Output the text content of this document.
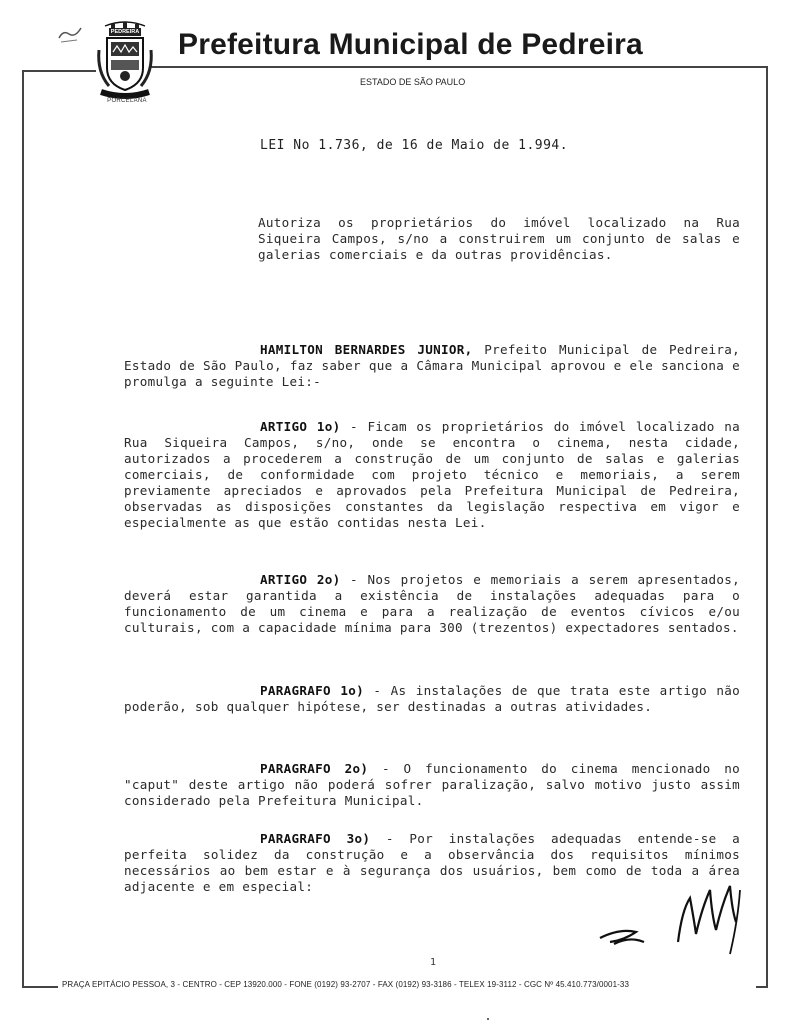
PEDREIRA
PORCELANA
Prefeitura Municipal de Pedreira
ESTADO DE SÃO PAULO
LEI No 1.736, de 16 de Maio de 1.994.

Autoriza os proprietários do imóvel localizado na Rua Siqueira Campos, s/no a construirem um conjunto de salas e galerias comerciais e da outras providências.

HAMILTON BERNARDES JUNIOR, Prefeito Municipal de Pedreira, Estado de São Paulo, faz saber que a Câmara Municipal aprovou e ele sanciona e promulga a seguinte Lei:-

ARTIGO 1o) - Ficam os proprietários do imóvel localizado na Rua Siqueira Campos, s/no, onde se encontra o cinema, nesta cidade, autorizados a procederem a construção de um conjunto de salas e galerias comerciais, de conformidade com projeto técnico e memoriais, a serem previamente apreciados e aprovados pela Prefeitura Municipal de Pedreira, observadas as disposições constantes da legislação respectiva em vigor e especialmente as que estão contidas nesta Lei.

ARTIGO 2o) - Nos projetos e memoriais a serem apresentados, deverá estar garantida a existência de instalações adequadas para o funcionamento de um cinema e para a realização de eventos cívicos e/ou culturais, com a capacidade mínima para 300 (trezentos) expectadores sentados.

PARAGRAFO 1o) - As instalações de que trata este artigo não poderão, sob qualquer hipótese, ser destinadas a outras atividades.

PARAGRAFO 2o) - O funcionamento do cinema mencionado no "caput" deste artigo não poderá sofrer paralização, salvo motivo justo assim considerado pela Prefeitura Municipal.

PARAGRAFO 3o) - Por instalações adequadas entende-se a perfeita solidez da construção e a observância dos requisitos mínimos necessários ao bem estar e à segurança dos usuários, bem como de toda a área adjacente e em especial:

1
PRAÇA EPITÁCIO PESSOA, 3 - CENTRO - CEP 13920.000 - FONE (0192) 93-2707 - FAX (0192) 93-3186 - TELEX 19-3112 - CGC Nº 45.410.773/0001-33
